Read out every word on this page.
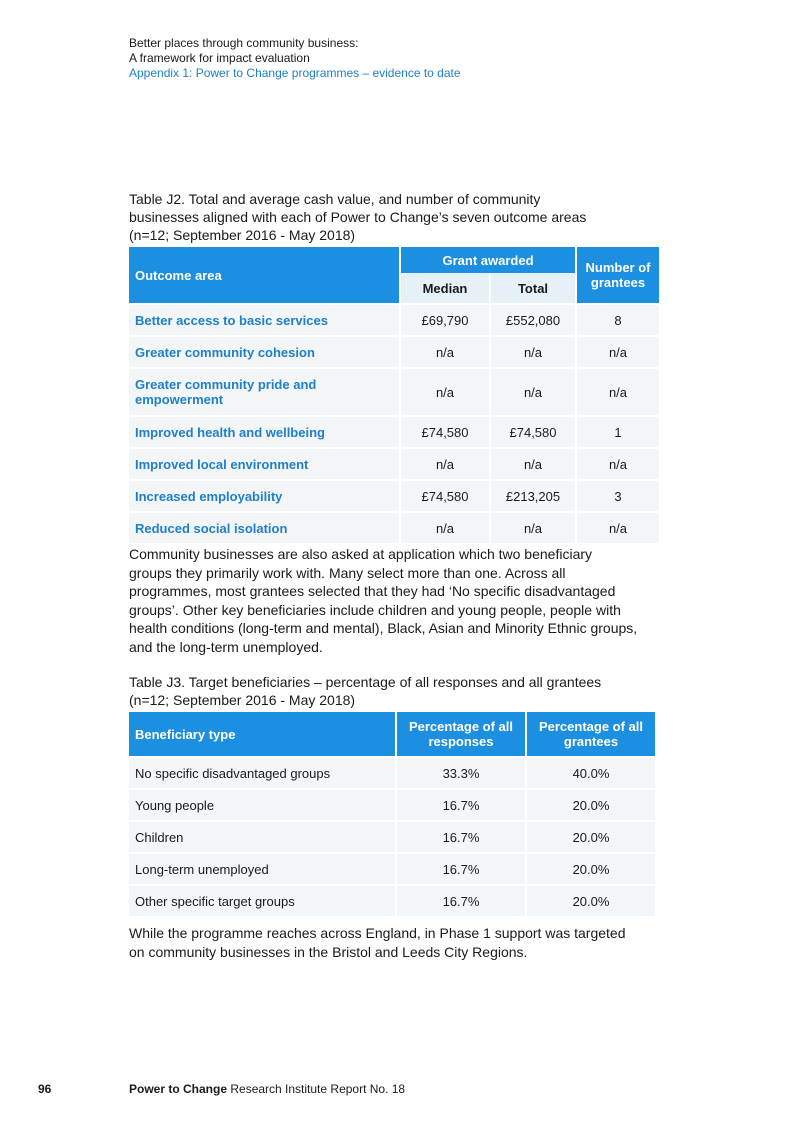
Better places through community business:
A framework for impact evaluation
Appendix 1: Power to Change programmes – evidence to date
Table J2. Total and average cash value, and number of community
businesses aligned with each of Power to Change’s seven outcome areas
(n=12; September 2016 - May 2018)
Outcome area	Grant awarded		Number of grantees
	Median	Total	
Better access to basic services	£69,790	£552,080	8
Greater community cohesion	n/a	n/a	n/a
Greater community pride and empowerment	n/a	n/a	n/a
Improved health and wellbeing	£74,580	£74,580	1
Improved local environment	n/a	n/a	n/a
Increased employability	£74,580	£213,205	3
Reduced social isolation	n/a	n/a	n/a
Community businesses are also asked at application which two beneficiary
groups they primarily work with. Many select more than one. Across all
programmes, most grantees selected that they had ‘No specific disadvantaged
groups’. Other key beneficiaries include children and young people, people with
health conditions (long-term and mental), Black, Asian and Minority Ethnic groups,
and the long-term unemployed.
Table J3. Target beneficiaries – percentage of all responses and all grantees
(n=12; September 2016 - May 2018)
Beneficiary type	Percentage of all responses	Percentage of all grantees
No specific disadvantaged groups	33.3%	40.0%
Young people	16.7%	20.0%
Children	16.7%	20.0%
Long-term unemployed	16.7%	20.0%
Other specific target groups	16.7%	20.0%
While the programme reaches across England, in Phase 1 support was targeted
on community businesses in the Bristol and Leeds City Regions.
96	Power to Change Research Institute Report No. 18
